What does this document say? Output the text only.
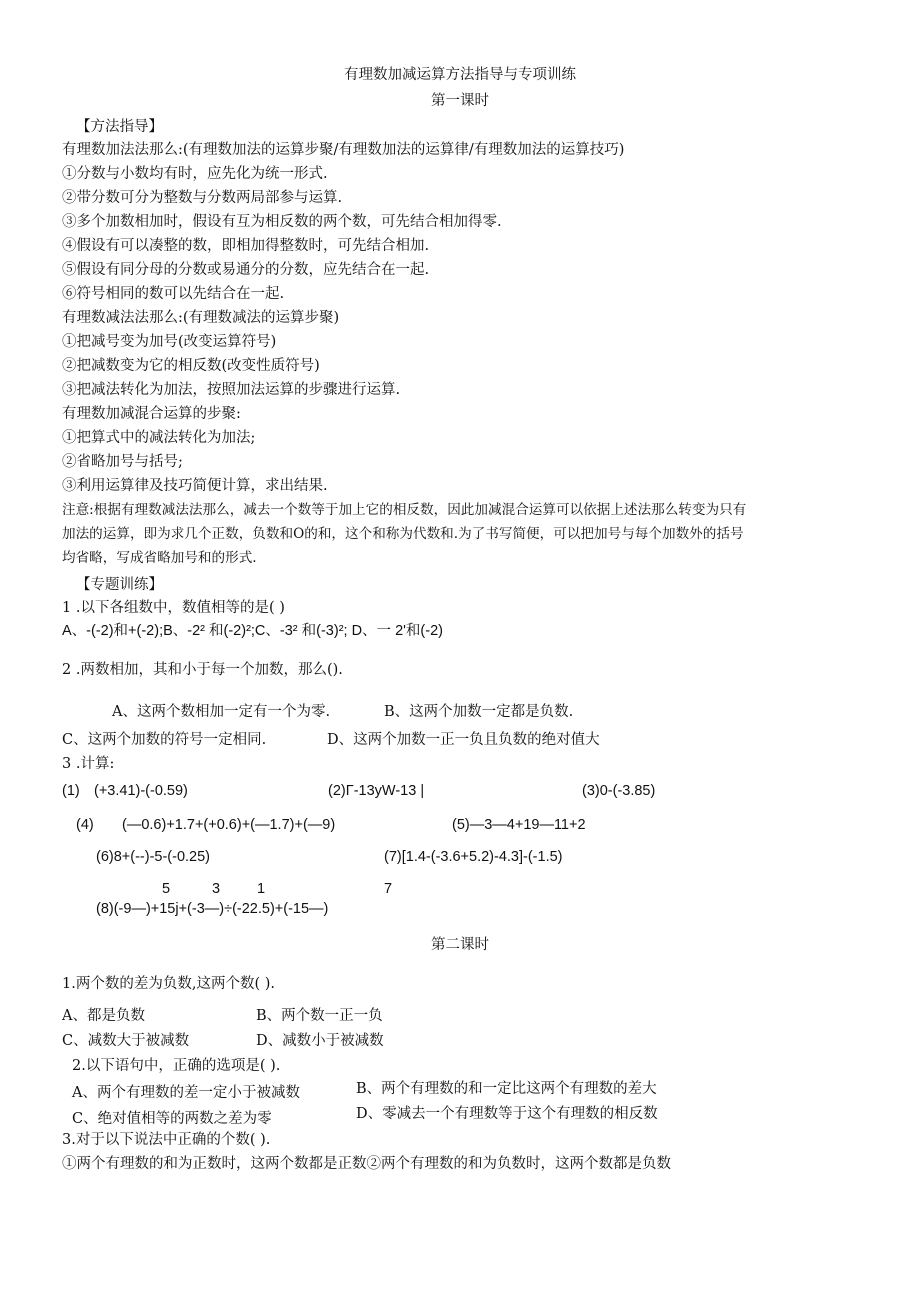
有理数加减运算方法指导与专项训练
第一课时
【方法指导】
有理数加法法那么:(有理数加法的运算步聚/有理数加法的运算律/有理数加法的运算技巧)
①分数与小数均有时，应先化为统一形式.
②带分数可分为整数与分数两局部参与运算.
③多个加数相加时，假设有互为相反数的两个数，可先结合相加得零.
④假设有可以凑整的数，即相加得整数时，可先结合相加.
⑤假设有同分母的分数或易通分的分数，应先结合在一起.
⑥符号相同的数可以先结合在一起.
有理数减法法那么:(有理数减法的运算步聚)
①把减号变为加号(改变运算符号)
②把减数变为它的相反数(改变性质符号)
③把减法转化为加法，按照加法运算的步骤进行运算.
有理数加减混合运算的步聚:
①把算式中的减法转化为加法;
②省略加号与括号;
③利用运算律及技巧简便计算，求出结果.
注意:根据有理数减法法那么，减去一个数等于加上它的相反数，因此加减混合运算可以依据上述法那么转变为只有
加法的运算，即为求几个正数，负数和O的和，这个和称为代数和.为了书写简便，可以把加号与每个加数外的括号
均省略，写成省略加号和的形式.
【专题训练】
1 .以下各组数中，数值相等的是( )
A、-(-2)和+(-2);B、-2² 和(-2)²;C、-3² 和(-3)²; D、一 2'和(-2)
2 .两数相加，其和小于每一个加数，那么().
A、这两个数相加一定有一个为零.	B、这两个加数一定都是负数.
C、这两个加数的符号一定相同.	D、这两个加数一正一负且负数的绝对值大
3 .计算:
(1) (+3.41)-(-0.59)	(2)Γ-13yW-13 |	(3)0-(-3.85)
(4) (—0.6)+1.7+(+0.6)+(—1.7)+(—9)	(5)—3—4+19—11+2
(6)8+(--)-5-(-0.25)	(7)[1.4-(-3.6+5.2)-4.3]-(-1.5)
5	3	1	7
(8)(-9—)+15j+(-3—)÷(-22.5)+(-15—)
第二课时
1.两个数的差为负数,这两个数( ).
A、都是负数	B、两个数一正一负
C、减数大于被减数	D、减数小于被减数
2.以下语句中，正确的选项是( ).
A、两个有理数的差一定小于被减数	B、两个有理数的和一定比这两个有理数的差大
C、绝对值相等的两数之差为零	D、零减去一个有理数等于这个有理数的相反数
3.对于以下说法中正确的个数( ).
①两个有理数的和为正数时，这两个数都是正数②两个有理数的和为负数时，这两个数都是负数
